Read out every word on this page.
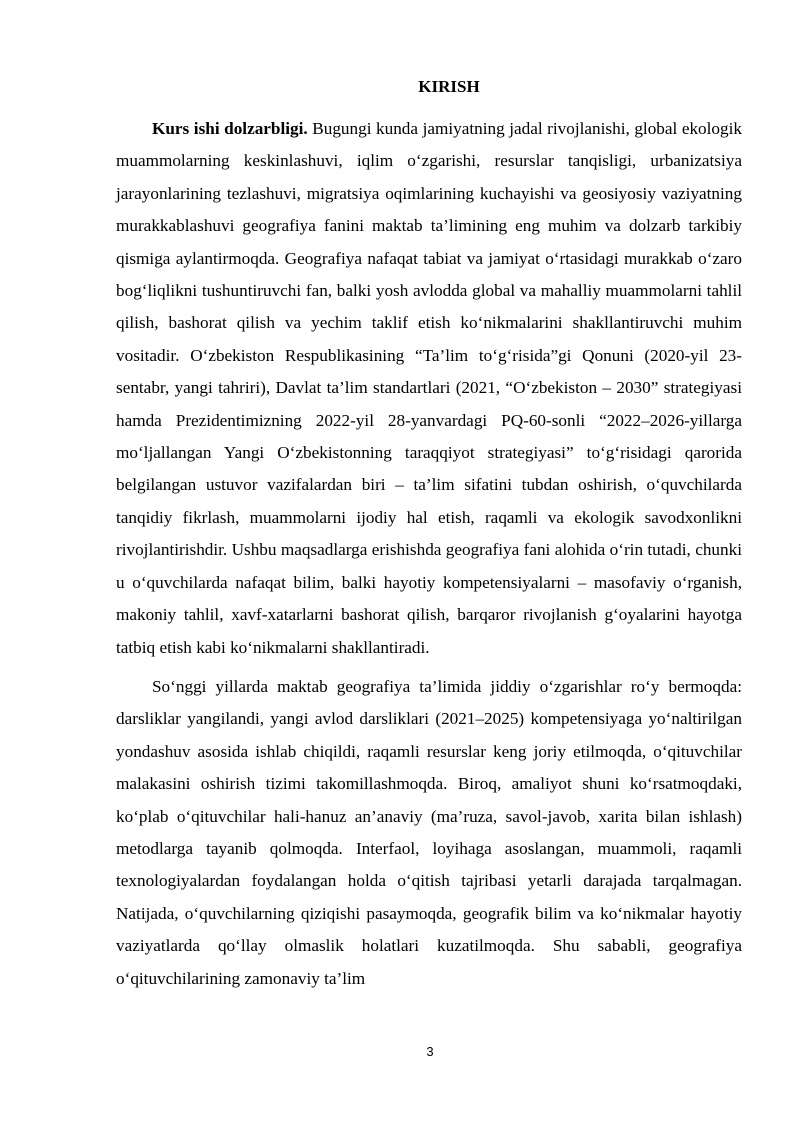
KIRISH

Kurs ishi dolzarbligi. Bugungi kunda jamiyatning jadal rivojlanishi, global ekologik muammolarning keskinlashuvi, iqlim o‘zgarishi, resurslar tanqisligi, urbanizatsiya jarayonlarining tezlashuvi, migratsiya oqimlarining kuchayishi va geosiyosiy vaziyatning murakkablashuvi geografiya fanini maktab ta’limining eng muhim va dolzarb tarkibiy qismiga aylantirmoqda. Geografiya nafaqat tabiat va jamiyat o‘rtasidagi murakkab o‘zaro bog‘liqlikni tushuntiruvchi fan, balki yosh avlodda global va mahalliy muammolarni tahlil qilish, bashorat qilish va yechim taklif etish ko‘nikmalarini shakllantiruvchi muhim vositadir. O‘zbekiston Respublikasining “Ta’lim to‘g‘risida”gi Qonuni (2020-yil 23-sentabr, yangi tahriri), Davlat ta’lim standartlari (2021, “O‘zbekiston – 2030” strategiyasi hamda Prezidentimizning 2022-yil 28-yanvardagi PQ-60-sonli “2022–2026-yillarga mo‘ljallangan Yangi O‘zbekistonning taraqqiyot strategiyasi” to‘g‘risidagi qarorida belgilangan ustuvor vazifalardan biri – ta’lim sifatini tubdan oshirish, o‘quvchilarda tanqidiy fikrlash, muammolarni ijodiy hal etish, raqamli va ekologik savodxonlikni rivojlantirishdir. Ushbu maqsadlarga erishishda geografiya fani alohida o‘rin tutadi, chunki u o‘quvchilarda nafaqat bilim, balki hayotiy kompetensiyalarni – masofaviy o‘rganish, makoniy tahlil, xavf-xatarlarni bashorat qilish, barqaror rivojlanish g‘oyalarini hayotga tatbiq etish kabi ko‘nikmalarni shakllantiradi.

So‘nggi yillarda maktab geografiya ta’limida jiddiy o‘zgarishlar ro‘y bermoqda: darsliklar yangilandi, yangi avlod darsliklari (2021–2025) kompetensiyaga yo‘naltirilgan yondashuv asosida ishlab chiqildi, raqamli resurslar keng joriy etilmoqda, o‘qituvchilar malakasini oshirish tizimi takomillashmoqda. Biroq, amaliyot shuni ko‘rsatmoqdaki, ko‘plab o‘qituvchilar hali-hanuz an’anaviy (ma’ruza, savol-javob, xarita bilan ishlash) metodlarga tayanib qolmoqda. Interfaol, loyihaga asoslangan, muammoli, raqamli texnologiyalardan foydalangan holda o‘qitish tajribasi yetarli darajada tarqalmagan. Natijada, o‘quvchilarning qiziqishi pasaymoqda, geografik bilim va ko‘nikmalar hayotiy vaziyatlarda qo‘llay olmaslik holatlari kuzatilmoqda. Shu sababli, geografiya o‘qituvchilarining zamonaviy ta’lim

3
